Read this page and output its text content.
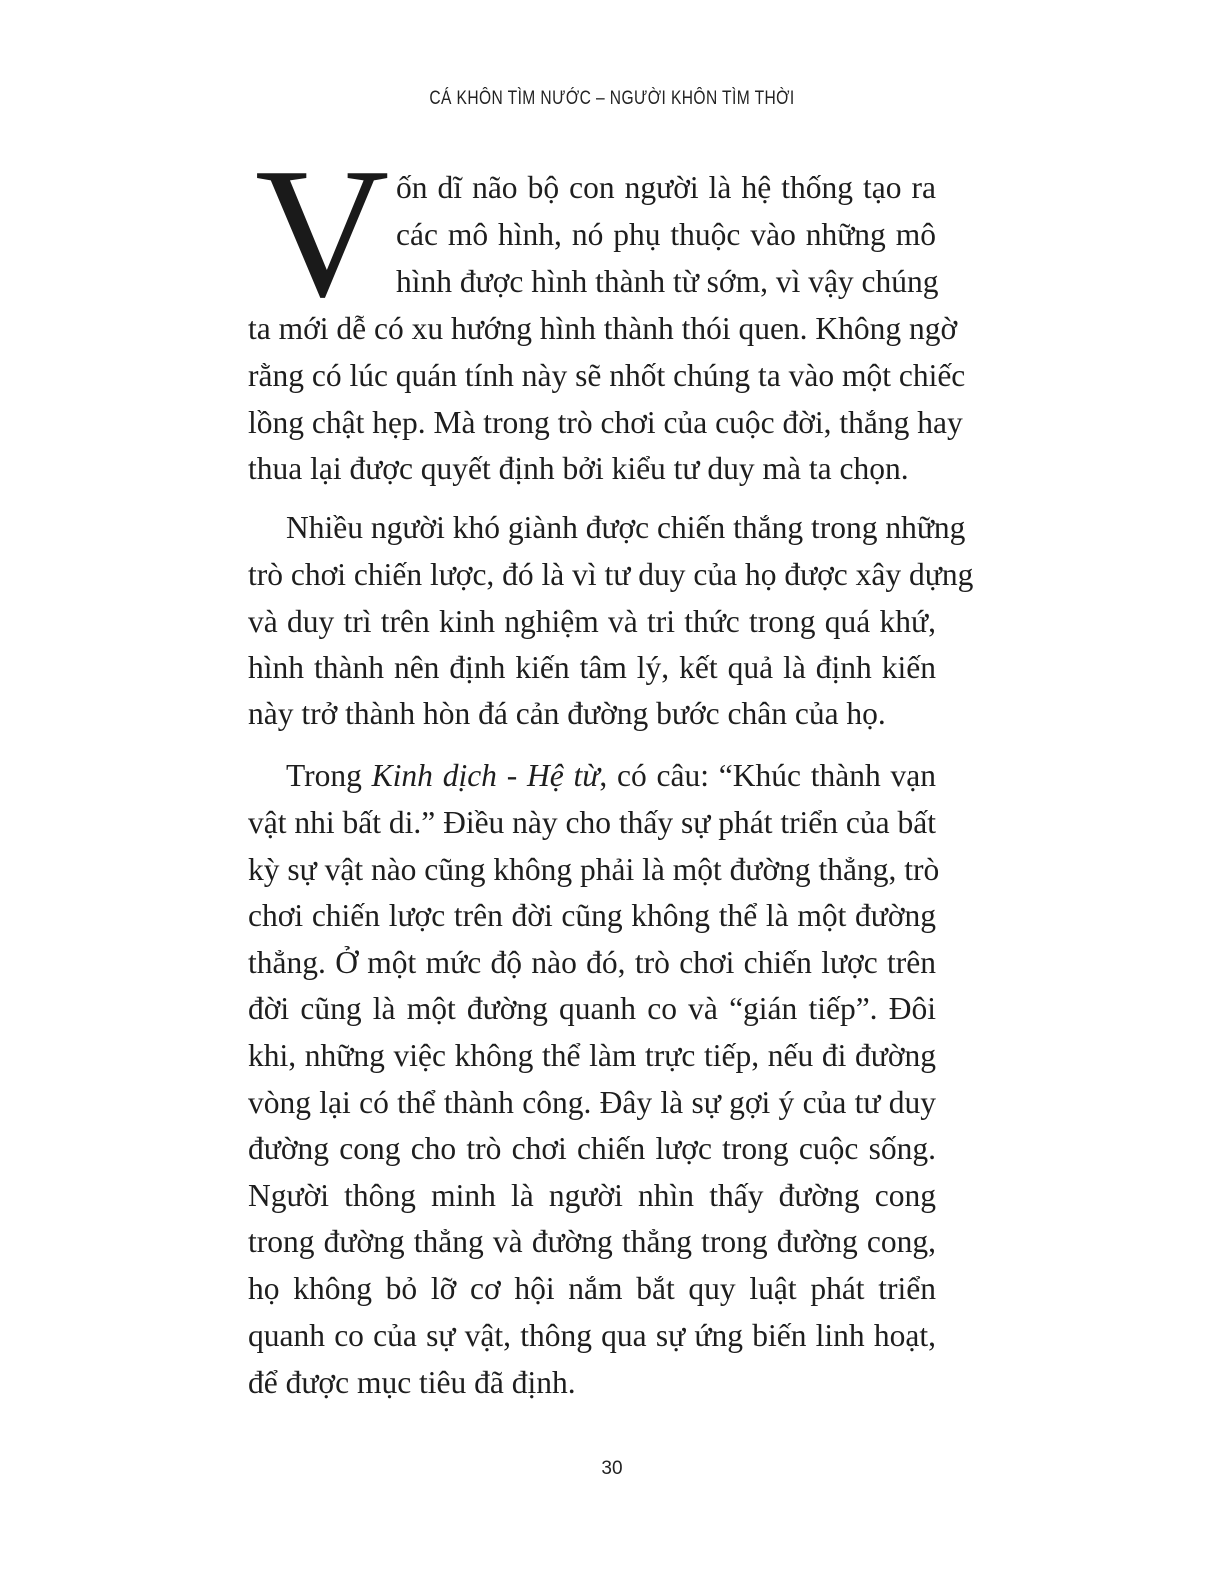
CÁ KHÔN TÌM NƯỚC – NGƯỜI KHÔN TÌM THỜI
V ốn dĩ não bộ con người là hệ thống tạo ra
các mô hình, nó phụ thuộc vào những mô
hình được hình thành từ sớm, vì vậy chúng
ta mới dễ có xu hướng hình thành thói quen. Không ngờ
rằng có lúc quán tính này sẽ nhốt chúng ta vào một chiếc
lồng chật hẹp. Mà trong trò chơi của cuộc đời, thắng hay
thua lại được quyết định bởi kiểu tư duy mà ta chọn.
Nhiều người khó giành được chiến thắng trong những
trò chơi chiến lược, đó là vì tư duy của họ được xây dựng
và duy trì trên kinh nghiệm và tri thức trong quá khứ,
hình thành nên định kiến tâm lý, kết quả là định kiến
này trở thành hòn đá cản đường bước chân của họ.
Trong Kinh dịch - Hệ từ, có câu: “Khúc thành vạn
vật nhi bất di.” Điều này cho thấy sự phát triển của bất
kỳ sự vật nào cũng không phải là một đường thẳng, trò
chơi chiến lược trên đời cũng không thể là một đường
thẳng. Ở một mức độ nào đó, trò chơi chiến lược trên
đời cũng là một đường quanh co và “gián tiếp”. Đôi
khi, những việc không thể làm trực tiếp, nếu đi đường
vòng lại có thể thành công. Đây là sự gợi ý của tư duy
đường cong cho trò chơi chiến lược trong cuộc sống.
Người thông minh là người nhìn thấy đường cong
trong đường thẳng và đường thẳng trong đường cong,
họ không bỏ lỡ cơ hội nắm bắt quy luật phát triển
quanh co của sự vật, thông qua sự ứng biến linh hoạt,
để được mục tiêu đã định.
30
